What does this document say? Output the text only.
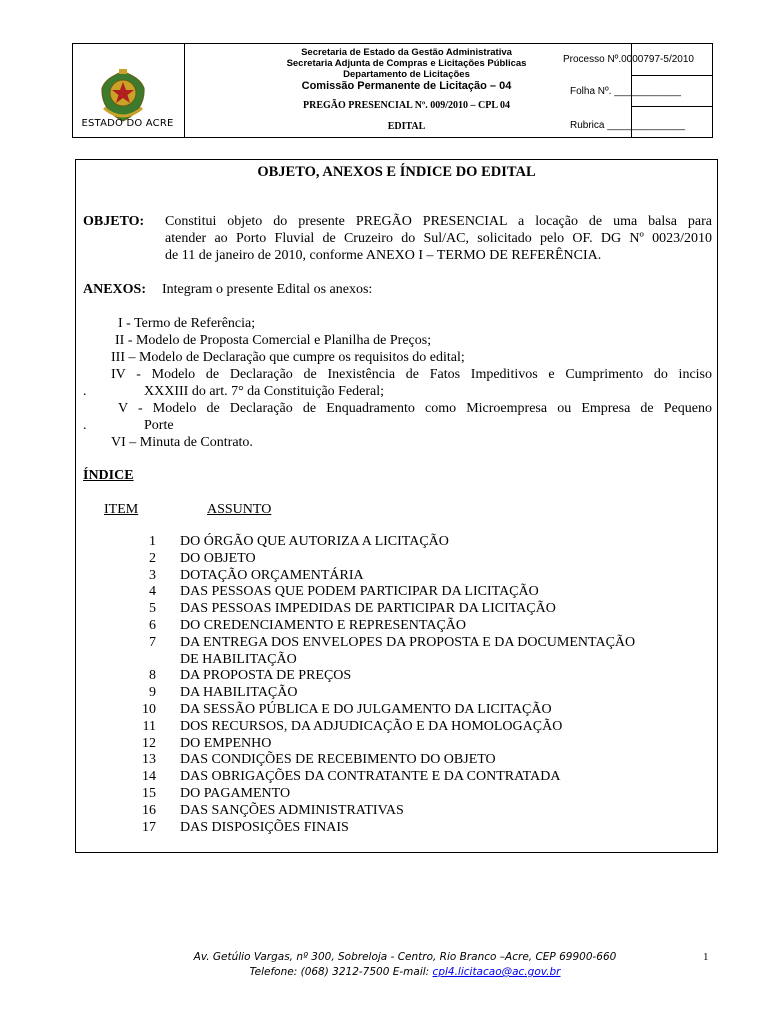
ESTADO DO ACRE
Secretaria de Estado da Gestão Administrativa
Secretaria Adjunta de Compras e Licitações Públicas
Departamento de Licitações
Comissão Permanente de Licitação – 04
PREGÃO PRESENCIAL Nº. 009/2010 – CPL 04
EDITAL
Processo Nº.0000797-5/2010
Folha Nº. ____________
Rubrica ______________
OBJETO, ANEXOS E ÍNDICE DO EDITAL
OBJETO: Constitui objeto do presente PREGÃO PRESENCIAL a locação de uma balsa para
atender ao Porto Fluvial de Cruzeiro do Sul/AC, solicitado pelo OF. DG Nº 0023/2010
de 11 de janeiro de 2010, conforme ANEXO I – TERMO DE REFERÊNCIA.
ANEXOS: Integram o presente Edital os anexos:
I - Termo de Referência;
II - Modelo de Proposta Comercial e Planilha de Preços;
III – Modelo de Declaração que cumpre os requisitos do edital;
IV - Modelo de Declaração de Inexistência de Fatos Impeditivos e Cumprimento do inciso
.	XXXIII do art. 7° da Constituição Federal;
V - Modelo de Declaração de Enquadramento como Microempresa ou Empresa de Pequeno
.	Porte
VI – Minuta de Contrato.
ÍNDICE
ITEM	ASSUNTO
1 DO ÓRGÃO QUE AUTORIZA A LICITAÇÃO
2 DO OBJETO
3 DOTAÇÃO ORÇAMENTÁRIA
4 DAS PESSOAS QUE PODEM PARTICIPAR DA LICITAÇÃO
5 DAS PESSOAS IMPEDIDAS DE PARTICIPAR DA LICITAÇÃO
6 DO CREDENCIAMENTO E REPRESENTAÇÃO
7 DA ENTREGA DOS ENVELOPES DA PROPOSTA E DA DOCUMENTAÇÃO
DE HABILITAÇÃO
8 DA PROPOSTA DE PREÇOS
9 DA HABILITAÇÃO
10 DA SESSÃO PÚBLICA E DO JULGAMENTO DA LICITAÇÃO
11 DOS RECURSOS, DA ADJUDICAÇÃO E DA HOMOLOGAÇÃO
12 DO EMPENHO
13 DAS CONDIÇÕES DE RECEBIMENTO DO OBJETO
14 DAS OBRIGAÇÕES DA CONTRATANTE E DA CONTRATADA
15 DO PAGAMENTO
16 DAS SANÇÕES ADMINISTRATIVAS
17 DAS DISPOSIÇÕES FINAIS
Av. Getúlio Vargas, nº 300, Sobreloja - Centro, Rio Branco –Acre, CEP 69900-660
Telefone: (068) 3212-7500 E-mail: cpl4.licitacao@ac.gov.br
1
